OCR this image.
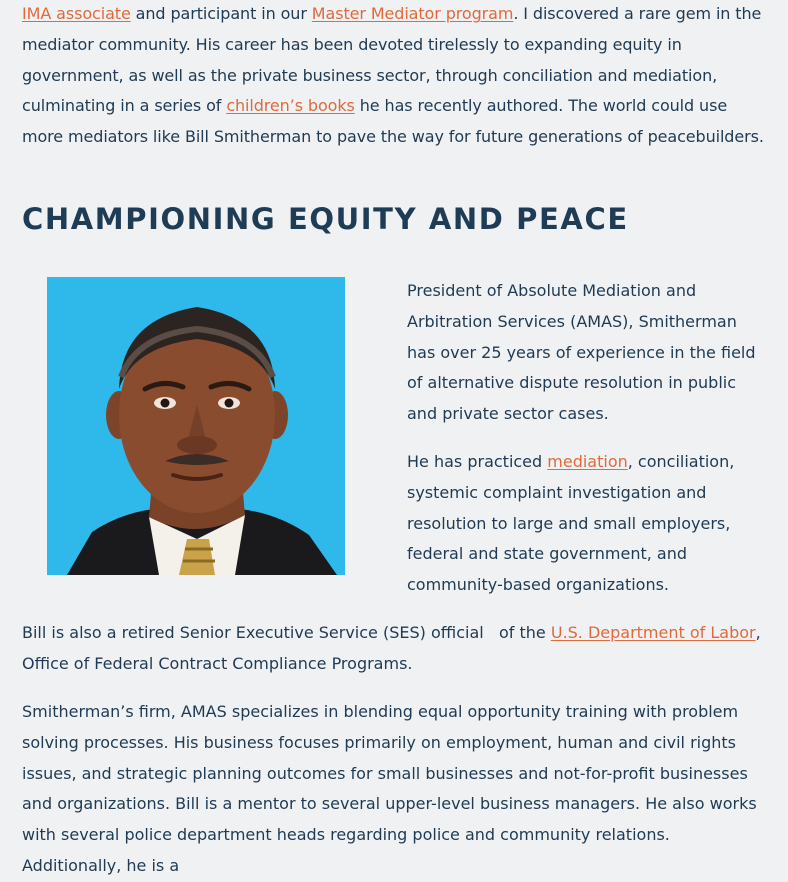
IMA associate and participant in our Master Mediator program. I discovered a rare gem in the mediator community. His career has been devoted tirelessly to expanding equity in government, as well as the private business sector, through conciliation and mediation, culminating in a series of children’s books he has recently authored. The world could use more mediators like Bill Smitherman to pave the way for future generations of peacebuilders.

CHAMPIONING EQUITY AND PEACE

President of Absolute Mediation and Arbitration Services (AMAS), Smitherman has over 25 years of experience in the field of alternative dispute resolution in public and private sector cases.

He has practiced mediation, conciliation, systemic complaint investigation and resolution to large and small employers, federal and state government, and community-based organizations.

Bill is also a retired Senior Executive Service (SES) official   of the U.S. Department of Labor, Office of Federal Contract Compliance Programs.

Smitherman’s firm, AMAS specializes in blending equal opportunity training with problem solving processes. His business focuses primarily on employment, human and civil rights issues, and strategic planning outcomes for small businesses and not-for-profit businesses and organizations. Bill is a mentor to several upper-level business managers. He also works with several police department heads regarding police and community relations. Additionally, he is a
